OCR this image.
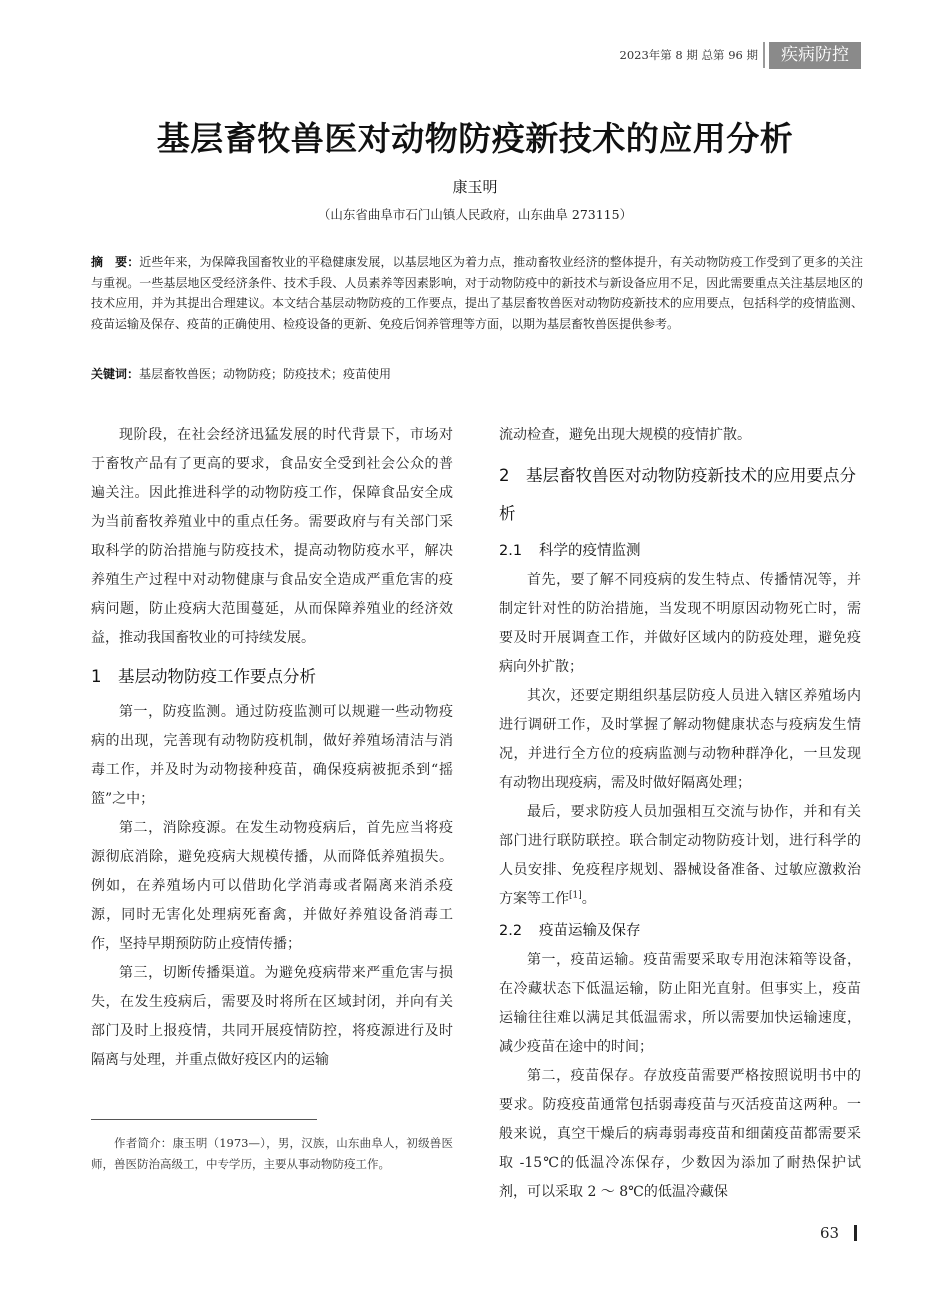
2023年第 8 期 总第 96 期	疾病防控
基层畜牧兽医对动物防疫新技术的应用分析
康玉明
（山东省曲阜市石门山镇人民政府，山东曲阜 273115）
摘　要：近些年来，为保障我国畜牧业的平稳健康发展，以基层地区为着力点，推动畜牧业经济的整体提升，有关动物防疫工作受到了更多的关注与重视。一些基层地区受经济条件、技术手段、人员素养等因素影响，对于动物防疫中的新技术与新设备应用不足，因此需要重点关注基层地区的技术应用，并为其提出合理建议。本文结合基层动物防疫的工作要点，提出了基层畜牧兽医对动物防疫新技术的应用要点，包括科学的疫情监测、疫苗运输及保存、疫苗的正确使用、检疫设备的更新、免疫后饲养管理等方面，以期为基层畜牧兽医提供参考。
关键词：基层畜牧兽医；动物防疫；防疫技术；疫苗使用

现阶段，在社会经济迅猛发展的时代背景下，市场对于畜牧产品有了更高的要求，食品安全受到社会公众的普遍关注。因此推进科学的动物防疫工作，保障食品安全成为当前畜牧养殖业中的重点任务。需要政府与有关部门采取科学的防治措施与防疫技术，提高动物防疫水平，解决养殖生产过程中对动物健康与食品安全造成严重危害的疫病问题，防止疫病大范围蔓延，从而保障养殖业的经济效益，推动我国畜牧业的可持续发展。

1 基层动物防疫工作要点分析

第一，防疫监测。通过防疫监测可以规避一些动物疫病的出现，完善现有动物防疫机制，做好养殖场清洁与消毒工作，并及时为动物接种疫苗，确保疫病被扼杀到“摇篮”之中；

第二，消除疫源。在发生动物疫病后，首先应当将疫源彻底消除，避免疫病大规模传播，从而降低养殖损失。例如，在养殖场内可以借助化学消毒或者隔离来消杀疫源，同时无害化处理病死畜禽，并做好养殖设备消毒工作，坚持早期预防防止疫情传播；

第三，切断传播渠道。为避免疫病带来严重危害与损失，在发生疫病后，需要及时将所在区域封闭，并向有关部门及时上报疫情，共同开展疫情防控，将疫源进行及时隔离与处理，并重点做好疫区内的运输

作者简介：康玉明（1973—），男，汉族，山东曲阜人，初级兽医师，兽医防治高级工，中专学历，主要从事动物防疫工作。

流动检查，避免出现大规模的疫情扩散。

2 基层畜牧兽医对动物防疫新技术的应用要点分析
2.1 科学的疫情监测

首先，要了解不同疫病的发生特点、传播情况等，并制定针对性的防治措施，当发现不明原因动物死亡时，需要及时开展调查工作，并做好区域内的防疫处理，避免疫病向外扩散；

其次，还要定期组织基层防疫人员进入辖区养殖场内进行调研工作，及时掌握了解动物健康状态与疫病发生情况，并进行全方位的疫病监测与动物种群净化，一旦发现有动物出现疫病，需及时做好隔离处理；

最后，要求防疫人员加强相互交流与协作，并和有关部门进行联防联控。联合制定动物防疫计划，进行科学的人员安排、免疫程序规划、器械设备准备、过敏应激救治方案等工作[1]。

2.2 疫苗运输及保存

第一，疫苗运输。疫苗需要采取专用泡沫箱等设备，在冷藏状态下低温运输，防止阳光直射。但事实上，疫苗运输往往难以满足其低温需求，所以需要加快运输速度，减少疫苗在途中的时间；

第二，疫苗保存。存放疫苗需要严格按照说明书中的要求。防疫疫苗通常包括弱毒疫苗与灭活疫苗这两种。一般来说，真空干燥后的病毒弱毒疫苗和细菌疫苗都需要采取 -15℃的低温冷冻保存，少数因为添加了耐热保护试剂，可以采取 2 ～ 8℃的低温冷藏保

63
